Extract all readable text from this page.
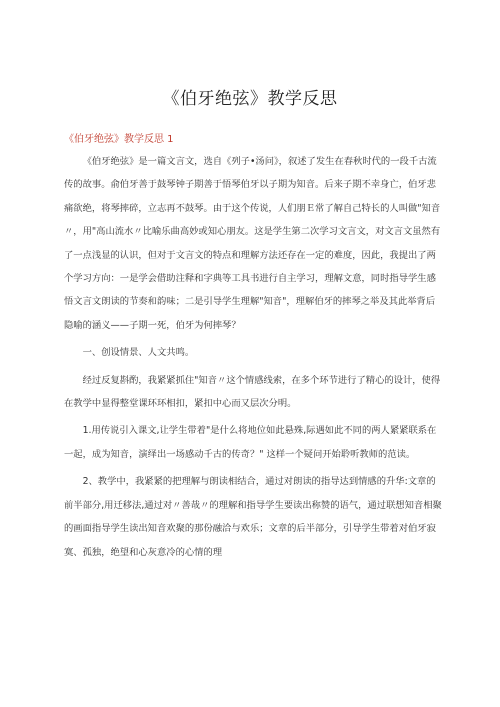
《伯牙绝弦》教学反思
《伯牙绝弦》教学反思 1

《伯牙绝弦》是一篇文言文，选自《列子•汤问》，叙述了发生在春秋时代的一段千古流传的故事。俞伯牙善于鼓琴钟子期善于悟琴伯牙以子期为知音。后来子期不幸身亡，伯牙悲痛欲绝，将琴摔碎，立志再不鼓琴。由于这个传说，人们朋Ｅ常了解自己特长的人叫做"知音〃，用"高山流水〃比喻乐曲高妙或知心朋友。这是学生第二次学习文言文，对文言文虽然有了一点浅显的认识，但对于文言文的特点和理解方法还存在一定的难度，因此，我提出了两个学习方向：一是学会借助注释和字典等工具书进行自主学习，理解文意，同时指导学生感悟文言文朗读的节奏和韵味；二是引导学生理解"知音"，理解伯牙的摔琴之举及其此举背后隐喻的涵义——子期一死，伯牙为何摔琴？

一、创设情景、人文共鸣。

经过反复斟酌，我紧紧抓住"知音〃这个情感线索，在多个环节进行了精心的设计，使得在教学中显得整堂课环环相扣，紧扣中心而又层次分明。

1.用传说引入课文,让学生带着"是什么将地位如此悬殊,际遇如此不同的两人紧紧联系在一起，成为知音，演绎出一场感动千古的传奇？" 这样一个疑问开始聆听教师的范读。

2、教学中，我紧紧的把理解与朗读相结合，通过对朗读的指导达到情感的升华:文章的前半部分,用迁移法,通过对〃善哉〃的理解和指导学生要读出称赞的语气，通过联想知音相聚的画面指导学生读出知音欢聚的那份融洽与欢乐；文章的后半部分，引导学生带着对伯牙寂寞、孤独，绝望和心灰意冷的心情的理
